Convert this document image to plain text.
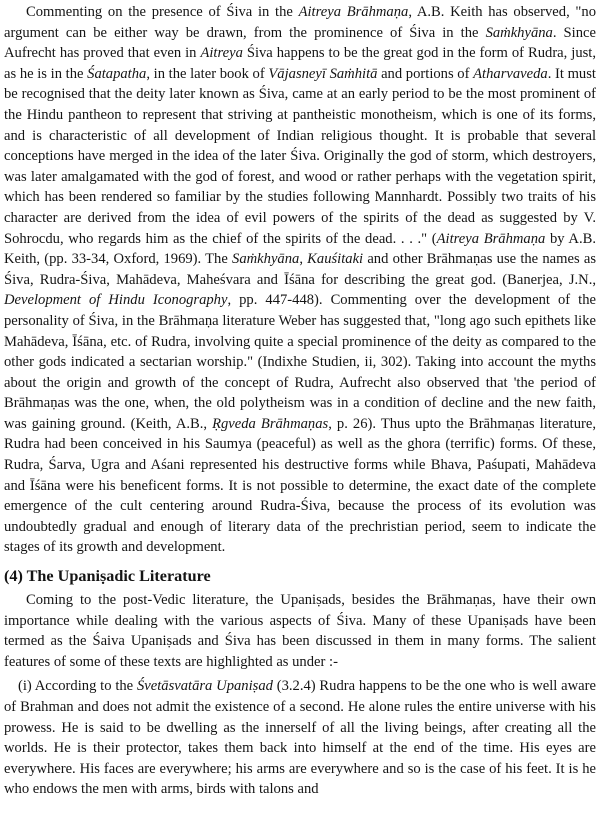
Commenting on the presence of Śiva in the Aitreya Brāhmaṇa, A.B. Keith has observed, "no argument can be either way be drawn, from the prominence of Śiva in the Saṁkhyāna. Since Aufrecht has proved that even in Aitreya Śiva happens to be the great god in the form of Rudra, just, as he is in the Śatapatha, in the later book of Vājasneyī Saṁhitā and portions of Atharvaveda. It must be recognised that the deity later known as Śiva, came at an early period to be the most prominent of the Hindu pantheon to represent that striving at pantheistic monotheism, which is one of its forms, and is characteristic of all development of Indian religious thought. It is probable that several conceptions have merged in the idea of the later Śiva. Originally the god of storm, which destroyers, was later amalgamated with the god of forest, and wood or rather perhaps with the vegetation spirit, which has been rendered so familiar by the studies following Mannhardt. Possibly two traits of his character are derived from the idea of evil powers of the spirits of the dead as suggested by V. Sohrocdu, who regards him as the chief of the spirits of the dead. . . ." (Aitreya Brāhmaṇa by A.B. Keith, (pp. 33-34, Oxford, 1969). The Saṁkhyāna, Kauśitaki and other Brāhmaṇas use the names as Śiva, Rudra-Śiva, Mahādeva, Maheśvara and Īśāna for describing the great god. (Banerjea, J.N., Development of Hindu Iconography, pp. 447-448). Commenting over the development of the personality of Śiva, in the Brāhmaṇa literature Weber has suggested that, "long ago such epithets like Mahādeva, Īśāna, etc. of Rudra, involving quite a special prominence of the deity as compared to the other gods indicated a sectarian worship." (Indixhe Studien, ii, 302). Taking into account the myths about the origin and growth of the concept of Rudra, Aufrecht also observed that 'the period of Brāhmaṇas was the one, when, the old polytheism was in a condition of decline and the new faith, was gaining ground. (Keith, A.B., Ṛgveda Brāhmaṇas, p. 26). Thus upto the Brāhmaṇas literature, Rudra had been conceived in his Saumya (peaceful) as well as the ghora (terrific) forms. Of these, Rudra, Śarva, Ugra and Aśani represented his destructive forms while Bhava, Paśupati, Mahādeva and Īśāna were his beneficent forms. It is not possible to determine, the exact date of the complete emergence of the cult centering around Rudra-Śiva, because the process of its evolution was undoubtedly gradual and enough of literary data of the prechristian period, seem to indicate the stages of its growth and development.

(4) The Upaniṣadic Literature

Coming to the post-Vedic literature, the Upaniṣads, besides the Brāhmaṇas, have their own importance while dealing with the various aspects of Śiva. Many of these Upaniṣads have been termed as the Śaiva Upaniṣads and Śiva has been discussed in them in many forms. The salient features of some of these texts are highlighted as under :-

(i) According to the Śvetāsvatāra Upaniṣad (3.2.4) Rudra happens to be the one who is well aware of Brahman and does not admit the existence of a second. He alone rules the entire universe with his prowess. He is said to be dwelling as the innerself of all the living beings, after creating all the worlds. He is their protector, takes them back into himself at the end of the time. His eyes are everywhere. His faces are everywhere; his arms are everywhere and so is the case of his feet. It is he who endows the men with arms, birds with talons and
